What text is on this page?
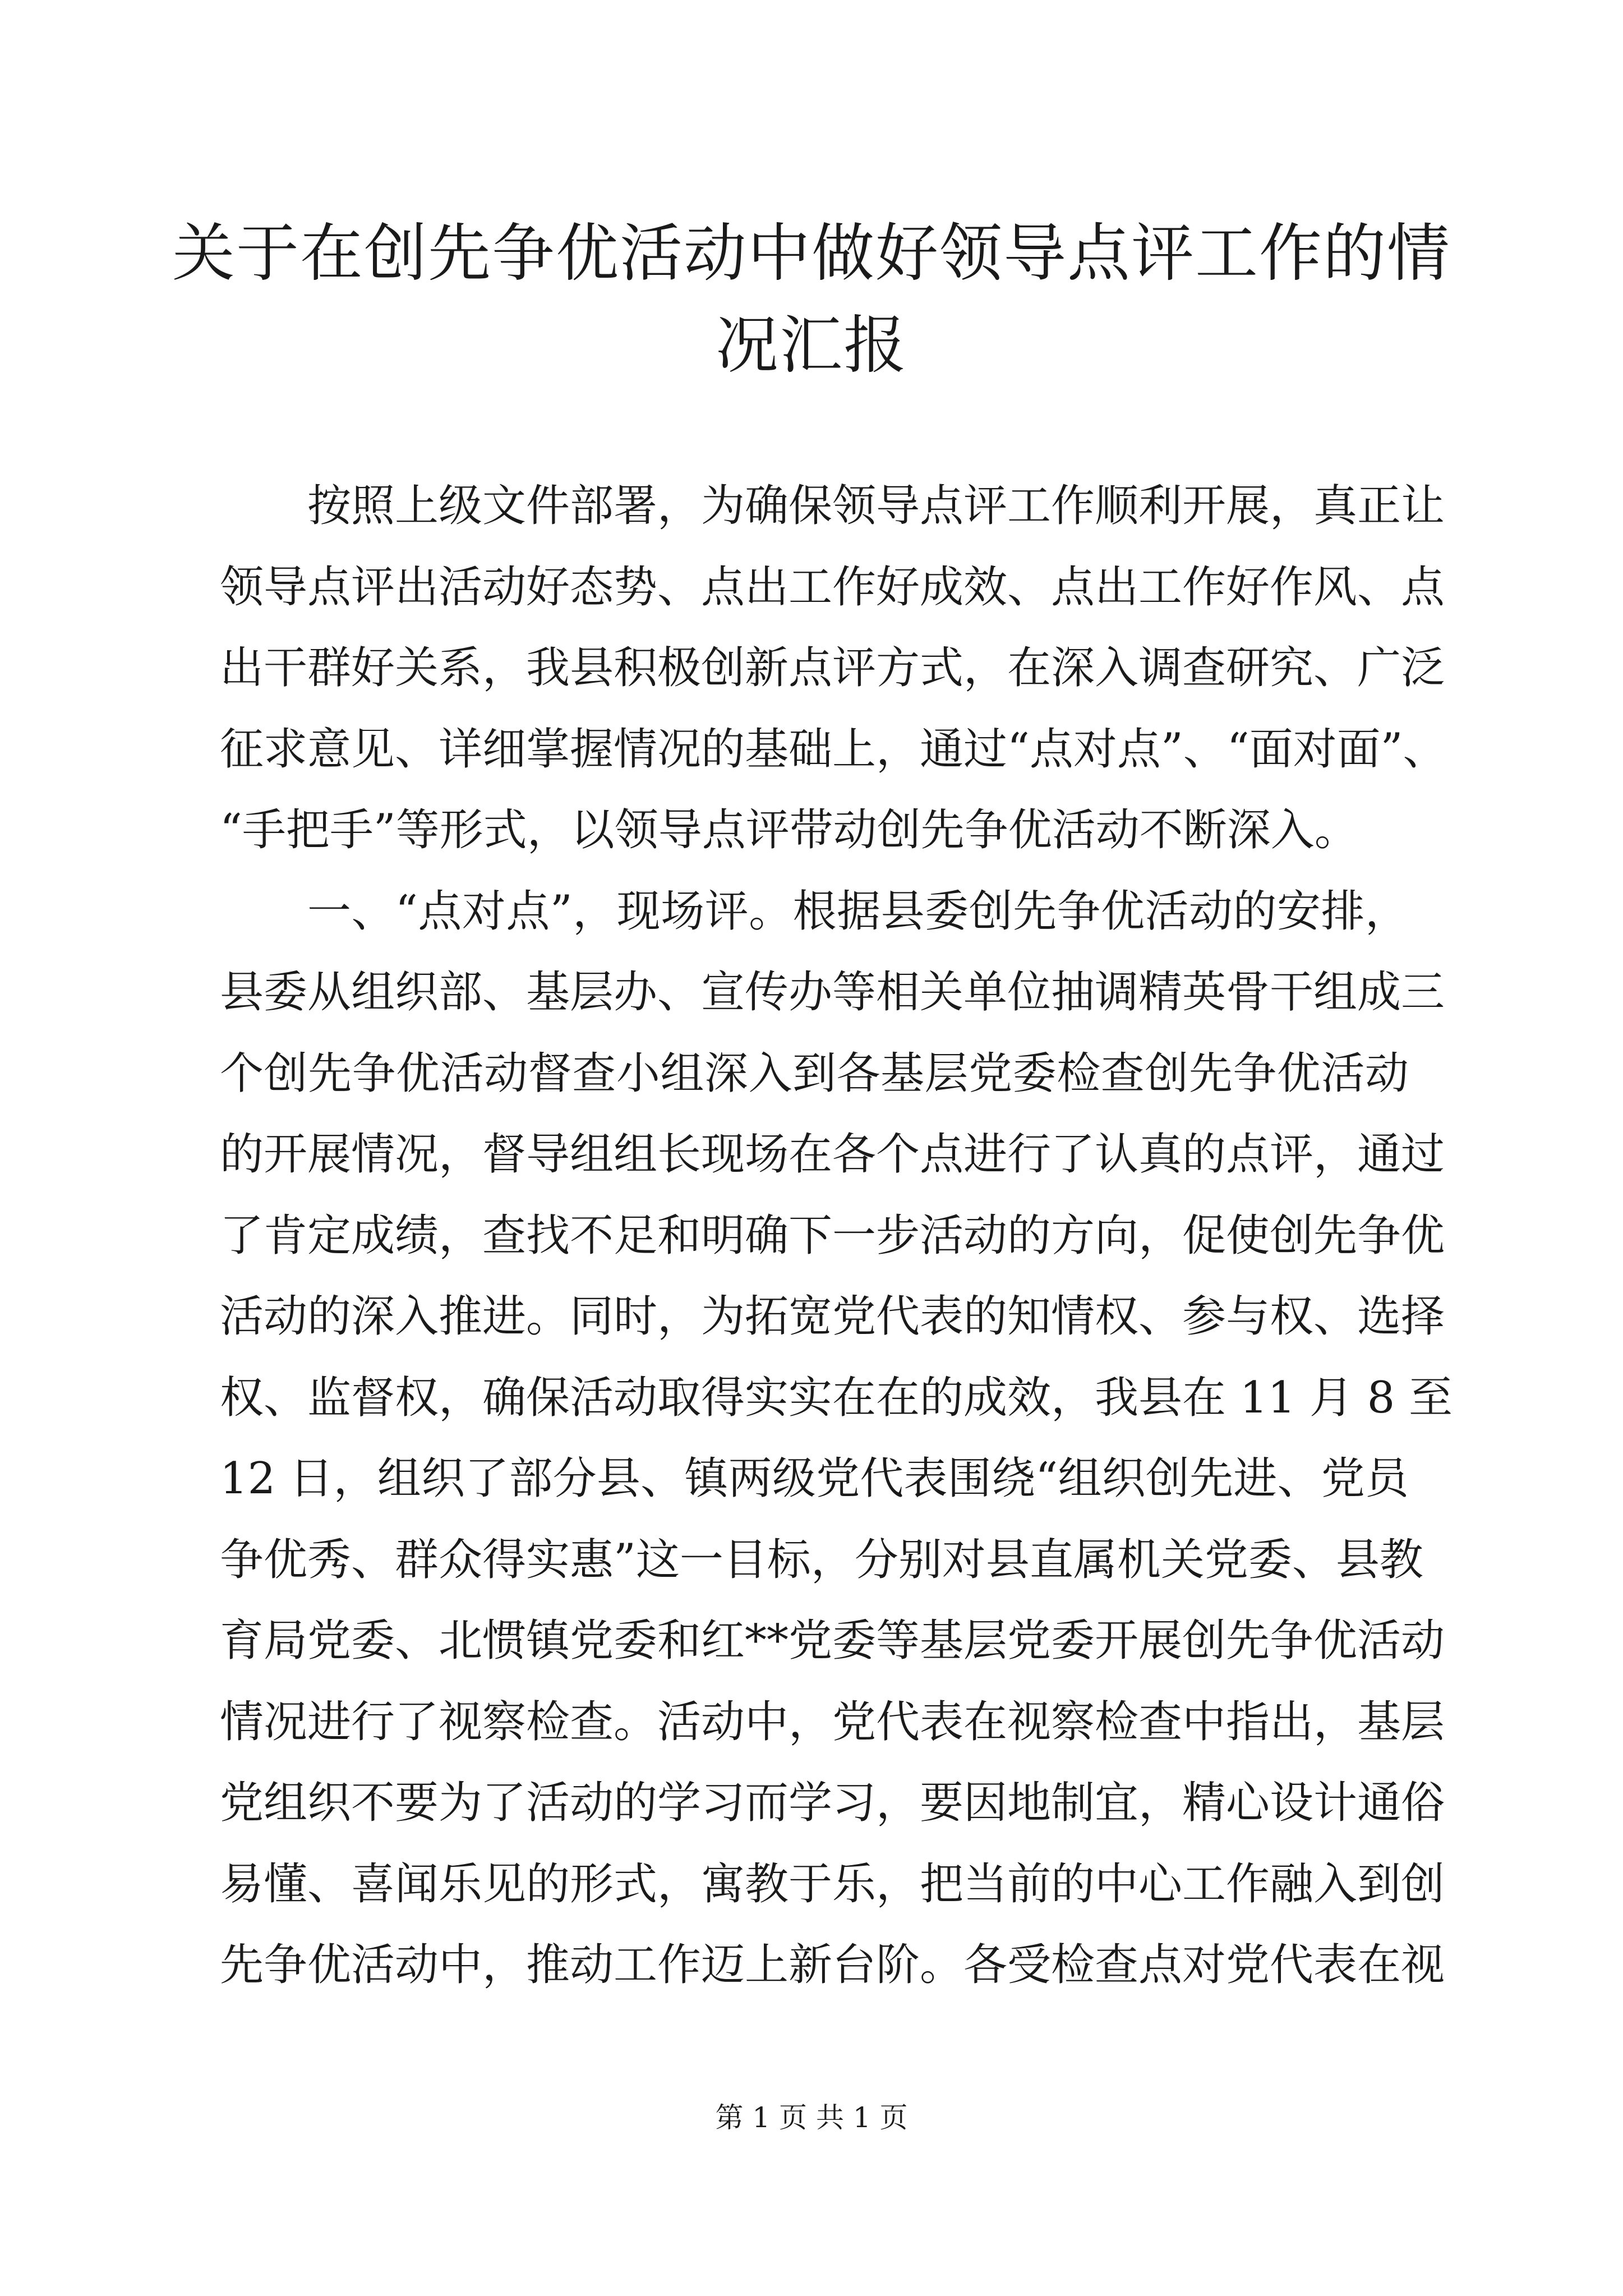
关于在创先争优活动中做好领导点评工作的情
况汇报
按照上级文件部署，为确保领导点评工作顺利开展，真正让
领导点评出活动好态势、点出工作好成效、点出工作好作风、点
出干群好关系，我县积极创新点评方式，在深入调查研究、广泛
征求意见、详细掌握情况的基础上，通过“点对点”、“面对面”、
“手把手”等形式，以领导点评带动创先争优活动不断深入。
一、“点对点”，现场评。根据县委创先争优活动的安排，
县委从组织部、基层办、宣传办等相关单位抽调精英骨干组成三
个创先争优活动督查小组深入到各基层党委检查创先争优活动
的开展情况，督导组组长现场在各个点进行了认真的点评，通过
了肯定成绩，查找不足和明确下一步活动的方向，促使创先争优
活动的深入推进。同时，为拓宽党代表的知情权、参与权、选择
权、监督权，确保活动取得实实在在的成效，我县在 11 月 8 至
12 日，组织了部分县、镇两级党代表围绕“组织创先进、党员
争优秀、群众得实惠”这一目标，分别对县直属机关党委、县教
育局党委、北惯镇党委和红**党委等基层党委开展创先争优活动
情况进行了视察检查。活动中，党代表在视察检查中指出，基层
党组织不要为了活动的学习而学习，要因地制宜，精心设计通俗
易懂、喜闻乐见的形式，寓教于乐，把当前的中心工作融入到创
先争优活动中，推动工作迈上新台阶。各受检查点对党代表在视
第 1 页 共 1 页
